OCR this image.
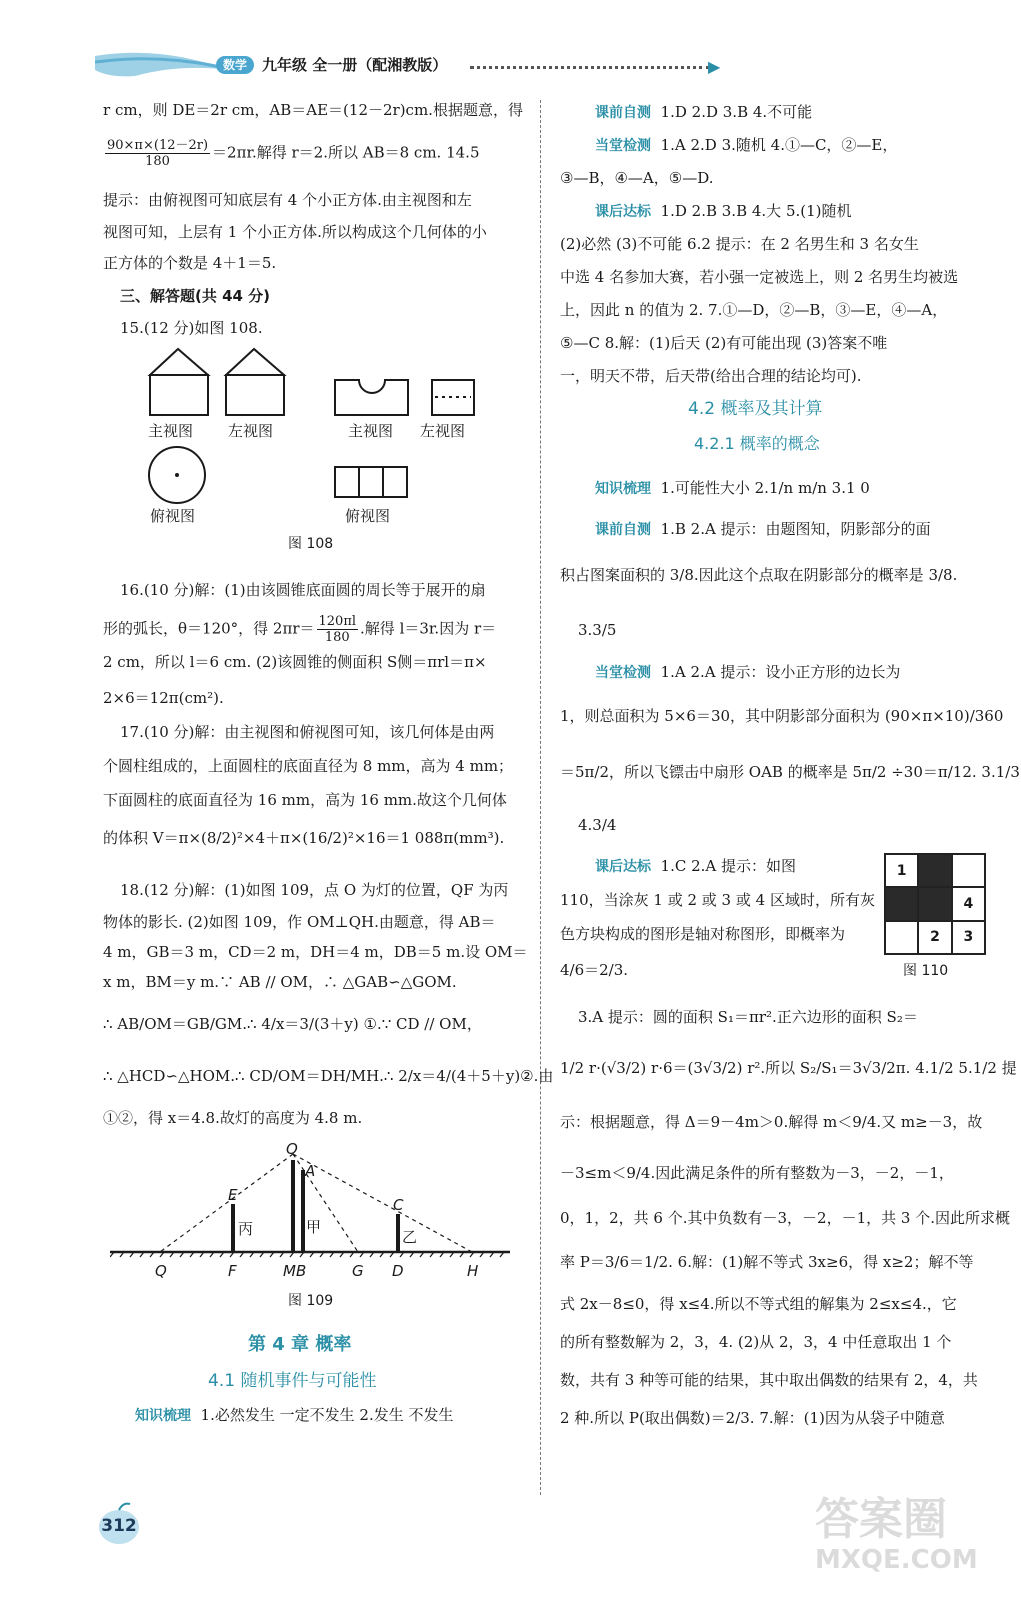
数学	九年级 全一册（配湘教版）	▶
r cm，则 DE＝2r cm，AB＝AE＝(12－2r)cm.根据题意，得
$\frac{90\times\pi\times(12-2r)}{180} =2\pi r$.解得 r＝2.所以 AB＝8 cm. 14.5
提示：由俯视图可知底层有 4 个小正方体.由主视图和左
视图可知，上层有 1 个小正方体.所以构成这个几何体的小
正方体的个数是 4＋1＝5.
三、解答题(共 44 分)
15.(12 分)如图 108.
主视图 左视图	主视图 左视图
俯视图	俯视图
图 108
16.(10 分)解：(1)由该圆锥底面圆的周长等于展开的扇
形的弧长，θ＝120°，得 $2\pi r= \frac{120\pi l}{180}$ .解得 l＝3r.因为 r＝
2 cm，所以 l＝6 cm. (2)该圆锥的侧面积 S侧＝πrl＝π×
2×6＝12π(cm²).
17.(10 分)解：由主视图和俯视图可知，该几何体是由两
个圆柱组成的，上面圆柱的底面直径为 8 mm，高为 4 mm；
下面圆柱的底面直径为 16 mm，高为 16 mm.故这个几何体
的体积 V＝π×(8/2)²×4＋π×(16/2)²×16＝1 088π(mm³).
18.(12 分)解：(1)如图 109，点 O 为灯的位置，QF 为丙
物体的影长. (2)如图 109，作 OM⊥QH.由题意，得 AB＝
4 m，GB＝3 m，CD＝2 m，DH＝4 m，DB＝5 m.设 OM＝
x m，BM＝y m.∵ AB // OM，∴ △GAB∽△GOM.
∴ AB/OM＝GB/GM.∴ 4/x＝3/(3＋y) ①.∵ CD // OM，
∴ △HCD∽△HOM.∴ CD/OM＝DH/MH.∴ 2/x＝4/(4＋5＋y)②.由
①②，得 x＝4.8.故灯的高度为 4.8 m.
O
E
A
C
丙	甲
乙
Q	F	MB	G D	H
图 109
第 4 章 概率
4.1 随机事件与可能性
知识梳理 1.必然发生 一定不发生 2.发生 不发生
课前自测 1.D 2.D 3.B 4.不可能
当堂检测 1.A 2.D 3.随机 4.①—C，②—E，
③—B，④—A，⑤—D.
课后达标 1.D 2.B 3.B 4.大 5.(1)随机
(2)必然 (3)不可能 6.2 提示：在 2 名男生和 3 名女生
中选 4 名参加大赛，若小强一定被选上，则 2 名男生均被选
上，因此 n 的值为 2. 7.①—D，②—B，③—E，④—A，
⑤—C 8.解：(1)后天 (2)有可能出现 (3)答案不唯
一，明天不带，后天带(给出合理的结论均可).
4.2 概率及其计算
4.2.1 概率的概念
知识梳理 1.可能性大小 2.1/n m/n 3.1 0
课前自测 1.B 2.A 提示：由题图知，阴影部分的面
积占图案面积的 3/8.因此这个点取在阴影部分的概率是 3/8.
3.3/5
当堂检测 1.A 2.A 提示：设小正方形的边长为
1，则总面积为 5×6＝30，其中阴影部分面积为 (90×π×10)/360
＝5π/2，所以飞镖击中扇形 OAB 的概率是 5π/2 ÷30＝π/12. 3.1/3
4.3/4
课后达标 1.C 2.A 提示：如图
110，当涂灰 1 或 2 或 3 或 4 区域时，所有灰
色方块构成的图形是轴对称图形，即概率为
4/6＝2/3.
1
4
2	3
图 110
3.A 提示：圆的面积 S₁＝πr².正六边形的面积 S₂＝
1/2 r·(√3/2) r·6＝(3√3/2) r².所以 S₂/S₁＝3√3/2π. 4.1/2 5.1/2 提
示：根据题意，得 Δ＝9－4m＞0.解得 m＜9/4.又 m≥－3，故
－3≤m＜9/4.因此满足条件的所有整数为－3，－2，－1，
0，1，2，共 6 个.其中负数有－3，－2，－1，共 3 个.因此所求概
率 P＝3/6＝1/2. 6.解：(1)解不等式 3x≥6，得 x≥2；解不等
式 2x－8≤0，得 x≤4.所以不等式组的解集为 2≤x≤4.，它
的所有整数解为 2，3，4. (2)从 2，3，4 中任意取出 1 个
数，共有 3 种等可能的结果，其中取出偶数的结果有 2，4，共
2 种.所以 P(取出偶数)＝2/3. 7.解：(1)因为从袋子中随意
312	答案圈
MXQE.COM
